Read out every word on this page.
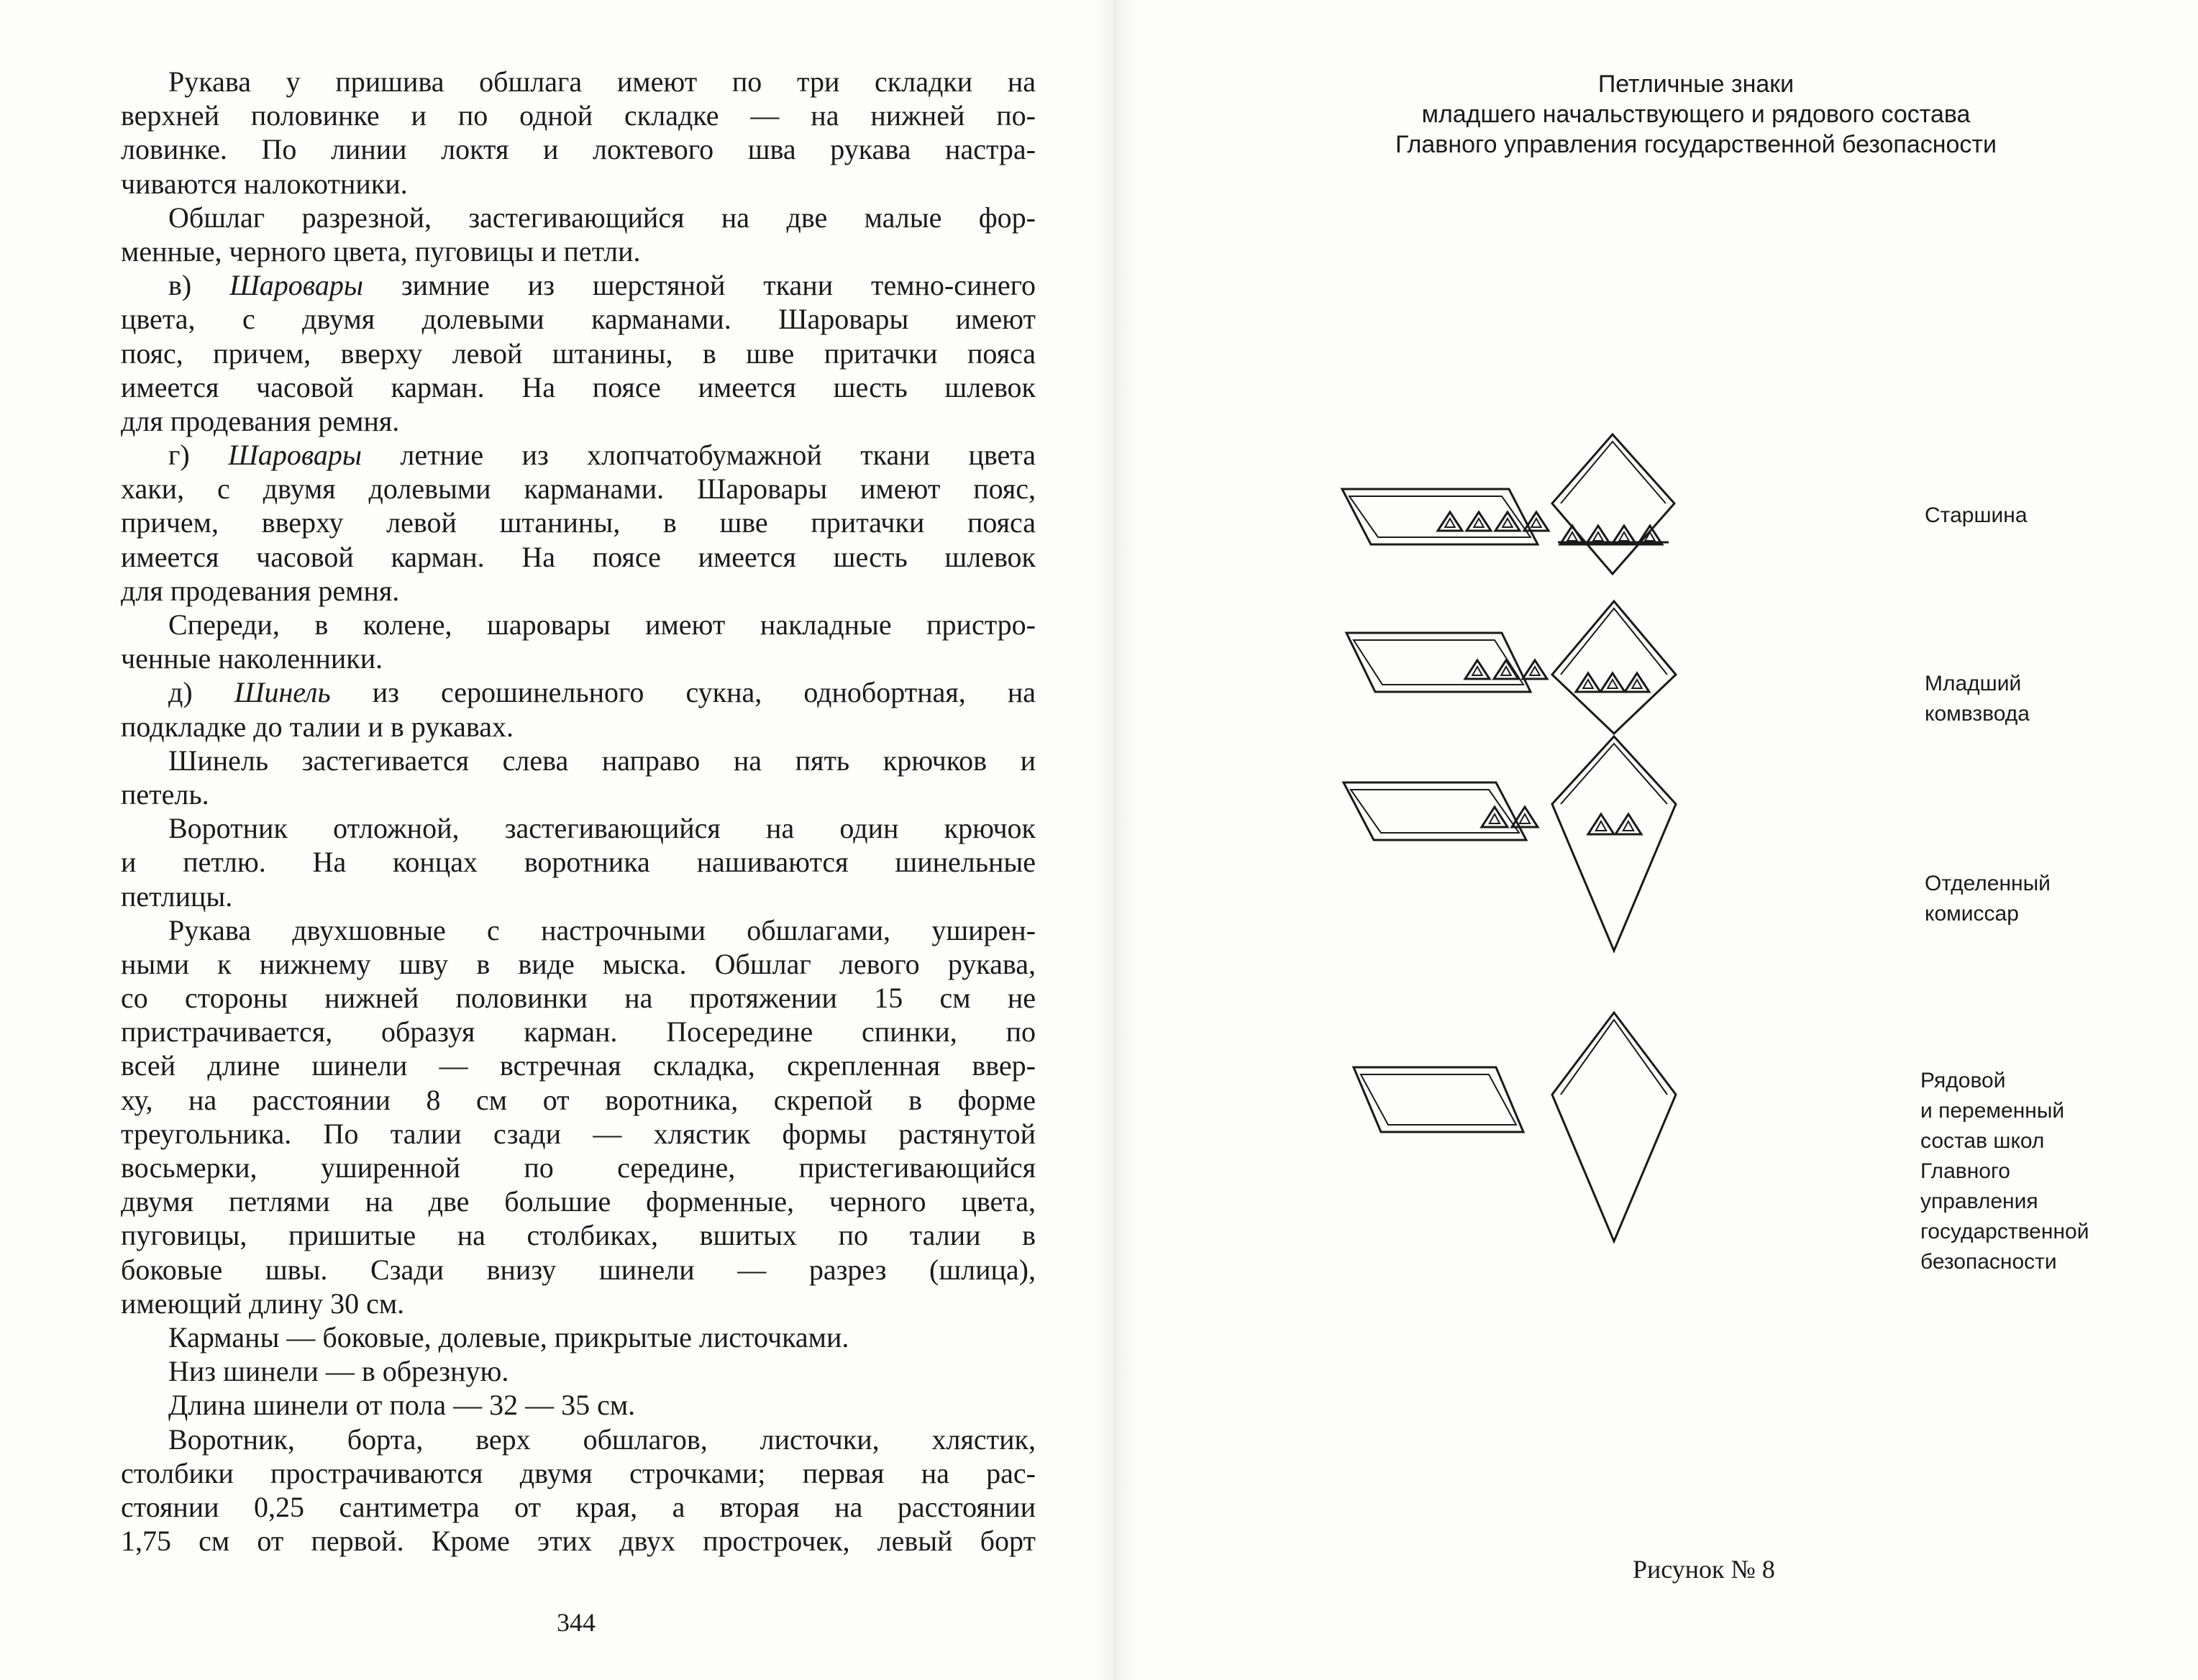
Рукава у пришива обшлага имеют по три складки на
верхней половинке и по одной складке — на нижней по-
ловинке. По линии локтя и локтевого шва рукава настра-
чиваются налокотники.
Обшлаг разрезной, застегивающийся на две малые фор-
менные, черного цвета, пуговицы и петли.
в) Шаровары зимние из шерстяной ткани темно-синего
цвета, с двумя долевыми карманами. Шаровары имеют
пояс, причем, вверху левой штанины, в шве притачки пояса
имеется часовой карман. На поясе имеется шесть шлевок
для продевания ремня.
г) Шаровары летние из хлопчатобумажной ткани цвета
хаки, с двумя долевыми карманами. Шаровары имеют пояс,
причем, вверху левой штанины, в шве притачки пояса
имеется часовой карман. На поясе имеется шесть шлевок
для продевания ремня.
Спереди, в колене, шаровары имеют накладные пристро-
ченные наколенники.
д) Шинель из серошинельного сукна, однобортная, на
подкладке до талии и в рукавах.
Шинель застегивается слева направо на пять крючков и
петель.
Воротник отложной, застегивающийся на один крючок
и петлю. На концах воротника нашиваются шинельные
петлицы.
Рукава двухшовные с настрочными обшлагами, уширен-
ными к нижнему шву в виде мыска. Обшлаг левого рукава,
со стороны нижней половинки на протяжении 15 см не
пристрачивается, образуя карман. Посередине спинки, по
всей длине шинели — встречная складка, скрепленная ввер-
ху, на расстоянии 8 см от воротника, скрепой в форме
треугольника. По талии сзади — хлястик формы растянутой
восьмерки, уширенной по середине, пристегивающийся
двумя петлями на две большие форменные, черного цвета,
пуговицы, пришитые на столбиках, вшитых по талии в
боковые швы. Сзади внизу шинели — разрез (шлица),
имеющий длину 30 см.
Карманы — боковые, долевые, прикрытые листочками.
Низ шинели — в обрезную.
Длина шинели от пола — 32 — 35 см.
Воротник, борта, верх обшлагов, листочки, хлястик,
столбики прострачиваются двумя строчками; первая на рас-
стоянии 0,25 сантиметра от края, а вторая на расстоянии
1,75 см от первой. Кроме этих двух прострочек, левый борт
344
Петличные знаки
младшего начальствующего и рядового состава
Главного управления государственной безопасности
Старшина
Младший
комвзвода
Отделенный
комиссар
Рядовой
и переменный
состав школ
Главного
управления
государственной
безопасности
Рисунок № 8
